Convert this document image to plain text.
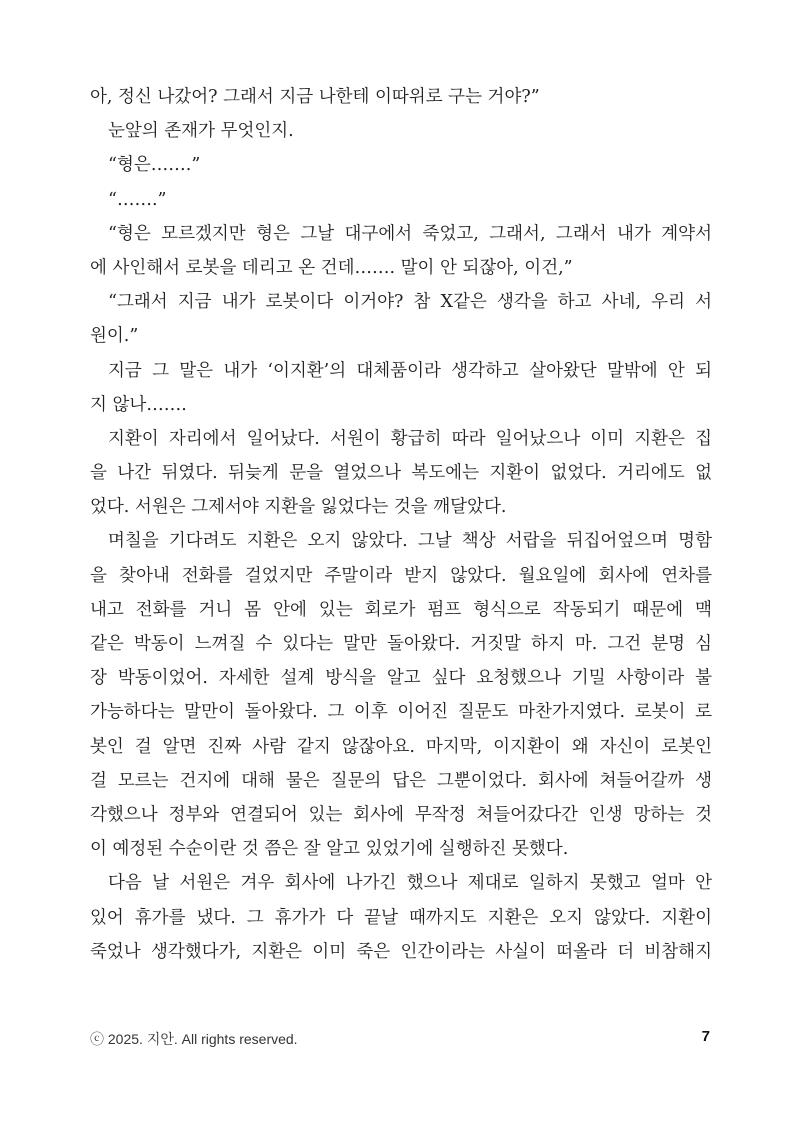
아, 정신 나갔어? 그래서 지금 나한테 이따위로 구는 거야?”
눈앞의 존재가 무엇인지.
“형은…….”
“…….”
“형은 모르겠지만 형은 그날 대구에서 죽었고, 그래서, 그래서 내가 계약서
에 사인해서 로봇을 데리고 온 건데……. 말이 안 되잖아, 이건,”
“그래서 지금 내가 로봇이다 이거야? 참 X같은 생각을 하고 사네, 우리 서
원이.”
지금 그 말은 내가 ‘이지환’의 대체품이라 생각하고 살아왔단 말밖에 안 되
지 않나…….
지환이 자리에서 일어났다. 서원이 황급히 따라 일어났으나 이미 지환은 집
을 나간 뒤였다. 뒤늦게 문을 열었으나 복도에는 지환이 없었다. 거리에도 없
었다. 서원은 그제서야 지환을 잃었다는 것을 깨달았다.
며칠을 기다려도 지환은 오지 않았다. 그날 책상 서랍을 뒤집어엎으며 명함
을 찾아내 전화를 걸었지만 주말이라 받지 않았다. 월요일에 회사에 연차를
내고 전화를 거니 몸 안에 있는 회로가 펌프 형식으로 작동되기 때문에 맥
같은 박동이 느껴질 수 있다는 말만 돌아왔다. 거짓말 하지 마. 그건 분명 심
장 박동이었어. 자세한 설계 방식을 알고 싶다 요청했으나 기밀 사항이라 불
가능하다는 말만이 돌아왔다. 그 이후 이어진 질문도 마찬가지였다. 로봇이 로
봇인 걸 알면 진짜 사람 같지 않잖아요. 마지막, 이지환이 왜 자신이 로봇인
걸 모르는 건지에 대해 물은 질문의 답은 그뿐이었다. 회사에 쳐들어갈까 생
각했으나 정부와 연결되어 있는 회사에 무작정 쳐들어갔다간 인생 망하는 것
이 예정된 수순이란 것 쯤은 잘 알고 있었기에 실행하진 못했다.
다음 날 서원은 겨우 회사에 나가긴 했으나 제대로 일하지 못했고 얼마 안
있어 휴가를 냈다. 그 휴가가 다 끝날 때까지도 지환은 오지 않았다. 지환이
죽었나 생각했다가, 지환은 이미 죽은 인간이라는 사실이 떠올라 더 비참해지
ⓒ 2025. 지안. All rights reserved.	7
